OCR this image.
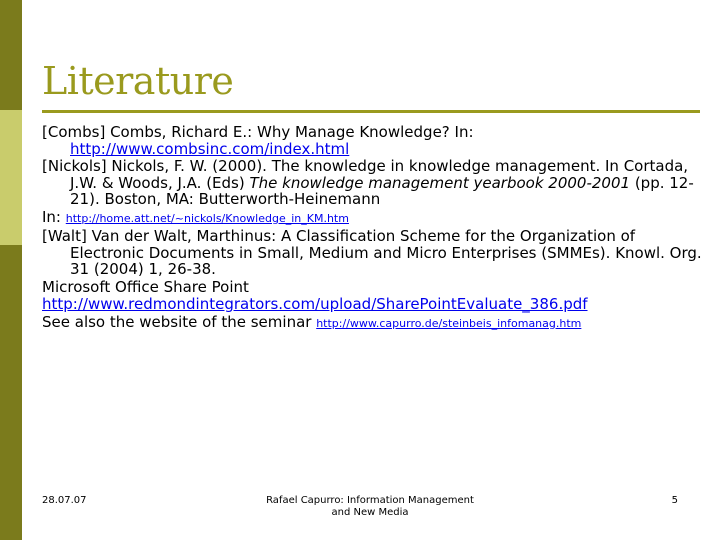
Literature
[Combs] Combs, Richard E.: Why Manage Knowledge? In: http://www.combsinc.com/index.html
[Nickols] Nickols, F. W. (2000). The knowledge in knowledge management. In Cortada, J.W. & Woods, J.A. (Eds) The knowledge management yearbook 2000-2001 (pp. 12-21). Boston, MA: Butterworth-Heinemann

In: http://home.att.net/~nickols/Knowledge_in_KM.htm

[Walt] Van der Walt, Marthinus: A Classification Scheme for the Organization of Electronic Documents in Small, Medium and Micro Enterprises (SMMEs). Knowl. Org. 31 (2004) 1, 26-38.

Microsoft Office Share Point

http://www.redmondintegrators.com/upload/SharePointEvaluate_386.pdf

See also the website of the seminar http://www.capurro.de/steinbeis_infomanag.htm

28.07.07	Rafael Capurro: Information Management
and New Media
5
